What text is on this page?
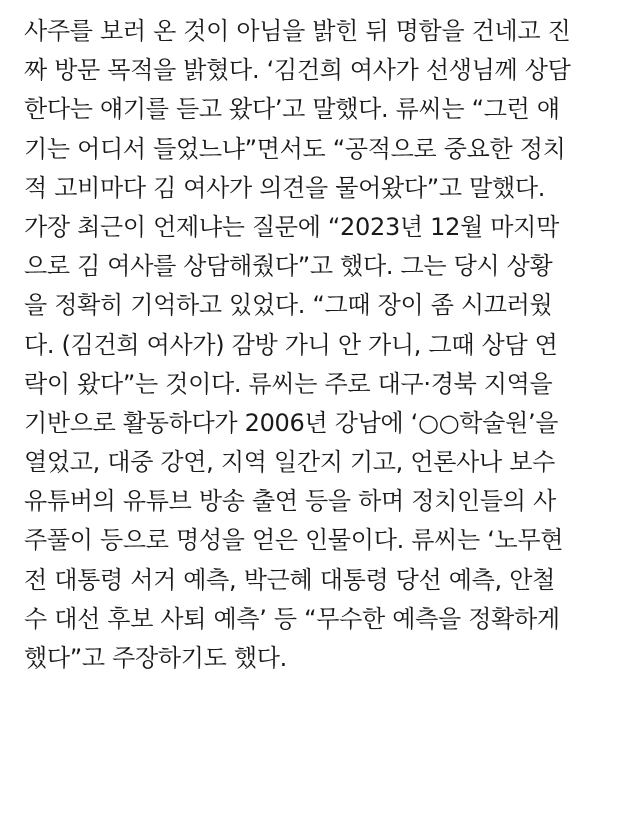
사주를 보러 온 것이 아님을 밝힌 뒤 명함을 건네고 진
짜 방문 목적을 밝혔다. ‘김건희 여사가 선생님께 상담
한다는 얘기를 듣고 왔다’고 말했다. 류씨는 “그런 얘
기는 어디서 들었느냐”면서도 “공적으로 중요한 정치
적 고비마다 김 여사가 의견을 물어왔다”고 말했다.
가장 최근이 언제냐는 질문에 “2023년 12월 마지막
으로 김 여사를 상담해줬다”고 했다. 그는 당시 상황
을 정확히 기억하고 있었다. “그때 장이 좀 시끄러웠
다. (김건희 여사가) 감방 가니 안 가니, 그때 상담 연
락이 왔다”는 것이다. 류씨는 주로 대구·경북 지역을
기반으로 활동하다가 2006년 강남에 ‘○○학술원’을
열었고, 대중 강연, 지역 일간지 기고, 언론사나 보수
유튜버의 유튜브 방송 출연 등을 하며 정치인들의 사
주풀이 등으로 명성을 얻은 인물이다. 류씨는 ‘노무현
전 대통령 서거 예측, 박근혜 대통령 당선 예측, 안철
수 대선 후보 사퇴 예측’ 등 “무수한 예측을 정확하게
했다”고 주장하기도 했다.
